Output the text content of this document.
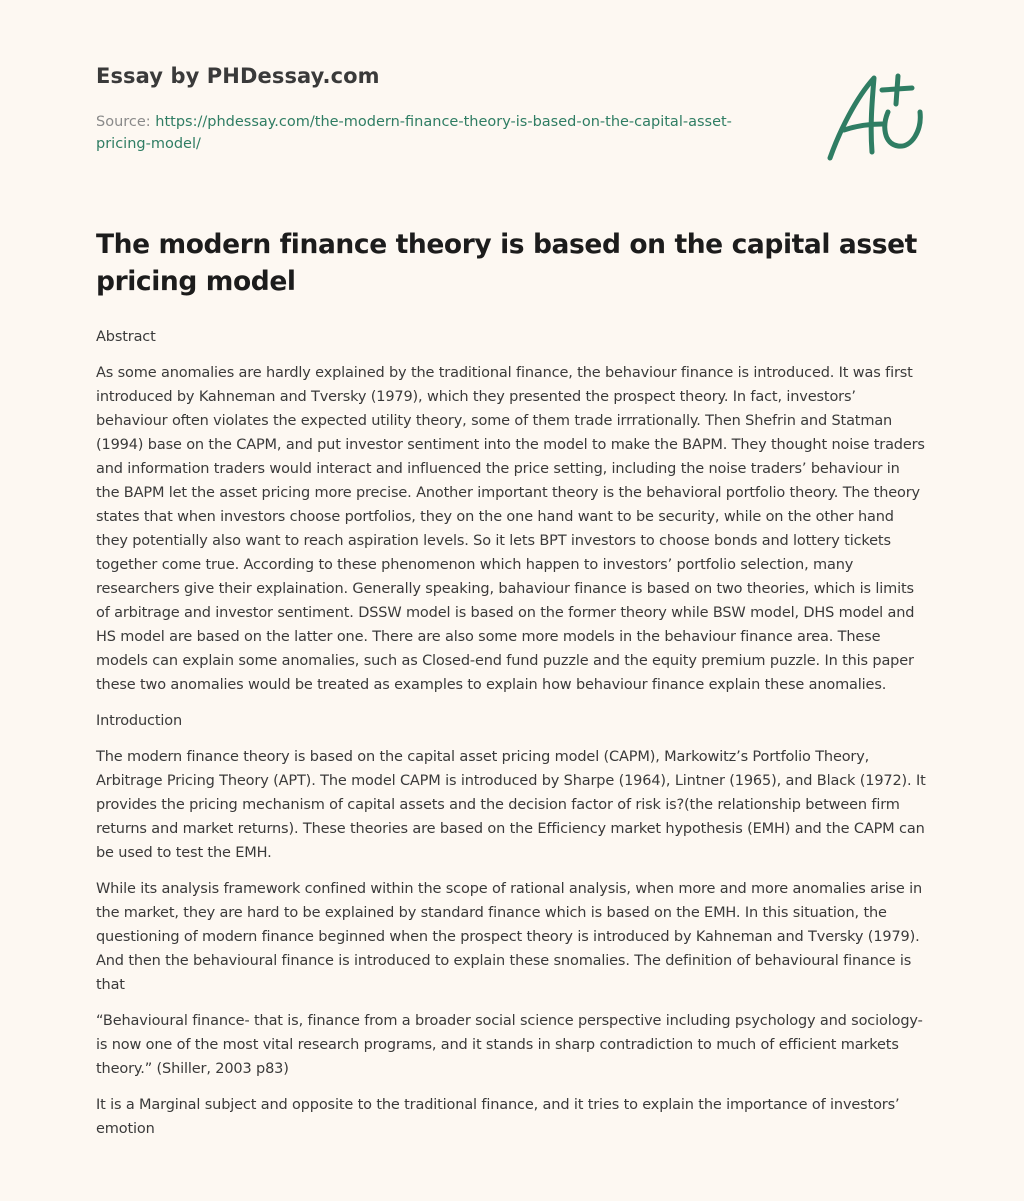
Essay by PHDessay.com
Source: https://phdessay.com/the-modern-finance-theory-is-based-on-the-capital-asset-pricing-model/
The modern finance theory is based on the capital asset pricing model

Abstract

As some anomalies are hardly explained by the traditional finance, the behaviour finance is introduced. It was first introduced by Kahneman and Tversky (1979), which they presented the prospect theory. In fact, investors’ behaviour often violates the expected utility theory, some of them trade irrrationally. Then Shefrin and Statman (1994) base on the CAPM, and put investor sentiment into the model to make the BAPM. They thought noise traders and information traders would interact and influenced the price setting, including the noise traders’ behaviour in the BAPM let the asset pricing more precise. Another important theory is the behavioral portfolio theory. The theory states that when investors choose portfolios, they on the one hand want to be security, while on the other hand they potentially also want to reach aspiration levels. So it lets BPT investors to choose bonds and lottery tickets together come true. According to these phenomenon which happen to investors’ portfolio selection, many researchers give their explaination. Generally speaking, bahaviour finance is based on two theories, which is limits of arbitrage and investor sentiment. DSSW model is based on the former theory while BSW model, DHS model and HS model are based on the latter one. There are also some more models in the behaviour finance area. These models can explain some anomalies, such as Closed-end fund puzzle and the equity premium puzzle. In this paper these two anomalies would be treated as examples to explain how behaviour finance explain these anomalies.

Introduction

The modern finance theory is based on the capital asset pricing model (CAPM), Markowitz’s Portfolio Theory, Arbitrage Pricing Theory (APT). The model CAPM is introduced by Sharpe (1964), Lintner (1965), and Black (1972). It provides the pricing mechanism of capital assets and the decision factor of risk is?(the relationship between firm returns and market returns). These theories are based on the Efficiency market hypothesis (EMH) and the CAPM can be used to test the EMH.

While its analysis framework confined within the scope of rational analysis, when more and more anomalies arise in the market, they are hard to be explained by standard finance which is based on the EMH. In this situation, the questioning of modern finance beginned when the prospect theory is introduced by Kahneman and Tversky (1979). And then the behavioural finance is introduced to explain these snomalies. The definition of behavioural finance is that

“Behavioural finance- that is, finance from a broader social science perspective including psychology and sociology- is now one of the most vital research programs, and it stands in sharp contradiction to much of efficient markets theory.” (Shiller, 2003 p83)

It is a Marginal subject and opposite to the traditional finance, and it tries to explain the importance of investors’ emotion
